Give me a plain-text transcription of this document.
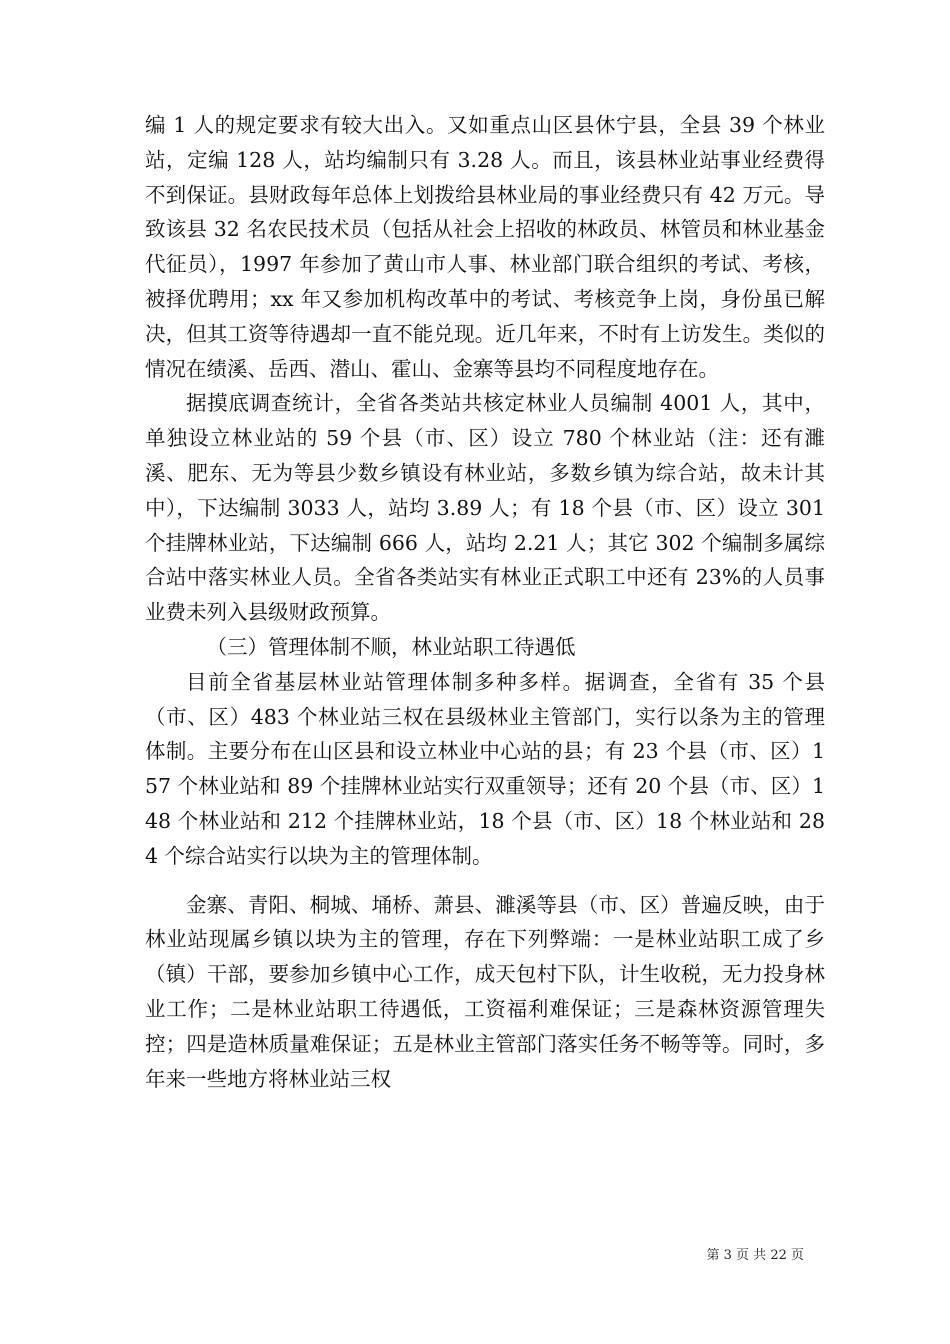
编 1 人的规定要求有较大出入。又如重点山区县休宁县，全县 39 个林业站，定编 128 人，站均编制只有 3.28 人。而且，该县林业站事业经费得不到保证。县财政每年总体上划拨给县林业局的事业经费只有 42 万元。导致该县 32 名农民技术员（包括从社会上招收的林政员、林管员和林业基金代征员），1997 年参加了黄山市人事、林业部门联合组织的考试、考核，被择优聘用；xx 年又参加机构改革中的考试、考核竞争上岗，身份虽已解决，但其工资等待遇却一直不能兑现。近几年来，不时有上访发生。类似的情况在绩溪、岳西、潜山、霍山、金寨等县均不同程度地存在。

据摸底调查统计，全省各类站共核定林业人员编制 4001 人，其中，单独设立林业站的 59 个县（市、区）设立 780 个林业站（注：还有濉溪、肥东、无为等县少数乡镇设有林业站，多数乡镇为综合站，故未计其中），下达编制 3033 人，站均 3.89 人；有 18 个县（市、区）设立 301 个挂牌林业站，下达编制 666 人，站均 2.21 人；其它 302 个编制多属综合站中落实林业人员。全省各类站实有林业正式职工中还有 23%的人员事业费未列入县级财政预算。

（三）管理体制不顺，林业站职工待遇低

目前全省基层林业站管理体制多种多样。据调查，全省有 35 个县（市、区）483 个林业站三权在县级林业主管部门，实行以条为主的管理体制。主要分布在山区县和设立林业中心站的县；有 23 个县（市、区）157 个林业站和 89 个挂牌林业站实行双重领导；还有 20 个县（市、区）148 个林业站和 212 个挂牌林业站，18 个县（市、区）18 个林业站和 284 个综合站实行以块为主的管理体制。

金寨、青阳、桐城、埇桥、萧县、濉溪等县（市、区）普遍反映，由于林业站现属乡镇以块为主的管理，存在下列弊端：一是林业站职工成了乡（镇）干部，要参加乡镇中心工作，成天包村下队，计生收税，无力投身林业工作；二是林业站职工待遇低，工资福利难保证；三是森林资源管理失控；四是造林质量难保证；五是林业主管部门落实任务不畅等等。同时，多年来一些地方将林业站三权

第 3 页 共 22 页
